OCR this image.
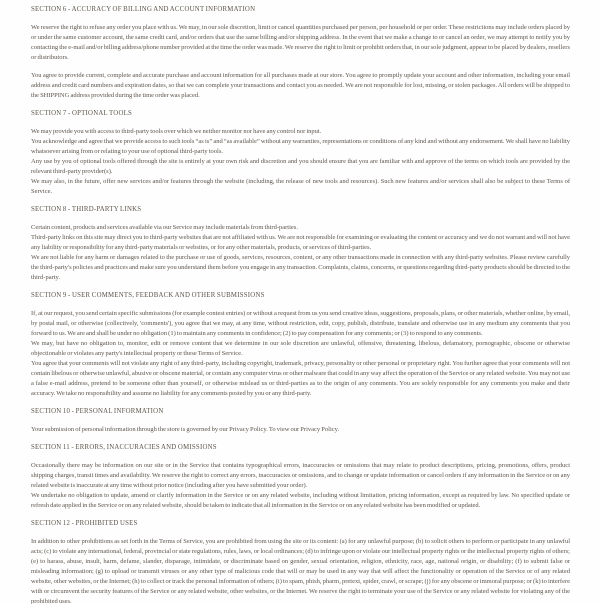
SECTION 6 - ACCURACY OF BILLING AND ACCOUNT INFORMATION

We reserve the right to refuse any order you place with us. We may, in our sole discretion, limit or cancel quantities purchased per person, per household or per order. These restrictions may include orders placed by or under the same customer account, the same credit card, and/or orders that use the same billing and/or shipping address. In the event that we make a change to or cancel an order, we may attempt to notify you by contacting the e-mail and/or billing address/phone number provided at the time the order was made. We reserve the right to limit or prohibit orders that, in our sole judgment, appear to be placed by dealers, resellers or distributors.

You agree to provide current, complete and accurate purchase and account information for all purchases made at our store. You agree to promptly update your account and other information, including your email address and credit card numbers and expiration dates, so that we can complete your transactions and contact you as needed. We are not responsible for lost, missing, or stolen packages. All orders will be shipped to the SHIPPING address provided during the time order was placed.

SECTION 7 - OPTIONAL TOOLS

We may provide you with access to third-party tools over which we neither monitor nor have any control nor input.

You acknowledge and agree that we provide access to such tools “as is” and “as available” without any warranties, representations or conditions of any kind and without any endorsement. We shall have no liability whatsoever arising from or relating to your use of optional third-party tools.

Any use by you of optional tools offered through the site is entirely at your own risk and discretion and you should ensure that you are familiar with and approve of the terms on which tools are provided by the relevant third-party provider(s).

We may also, in the future, offer new services and/or features through the website (including, the release of new tools and resources). Such new features and/or services shall also be subject to these Terms of Service.

SECTION 8 - THIRD-PARTY LINKS

Certain content, products and services available via our Service may include materials from third-parties.

Third-party links on this site may direct you to third-party websites that are not affiliated with us. We are not responsible for examining or evaluating the content or accuracy and we do not warrant and will not have any liability or responsibility for any third-party materials or websites, or for any other materials, products, or services of third-parties.

We are not liable for any harm or damages related to the purchase or use of goods, services, resources, content, or any other transactions made in connection with any third-party websites. Please review carefully the third-party's policies and practices and make sure you understand them before you engage in any transaction. Complaints, claims, concerns, or questions regarding third-party products should be directed to the third-party.

SECTION 9 - USER COMMENTS, FEEDBACK AND OTHER SUBMISSIONS

If, at our request, you send certain specific submissions (for example contest entries) or without a request from us you send creative ideas, suggestions, proposals, plans, or other materials, whether online, by email, by postal mail, or otherwise (collectively, 'comments'), you agree that we may, at any time, without restriction, edit, copy, publish, distribute, translate and otherwise use in any medium any comments that you forward to us. We are and shall be under no obligation (1) to maintain any comments in confidence; (2) to pay compensation for any comments; or (3) to respond to any comments.

We may, but have no obligation to, monitor, edit or remove content that we determine in our sole discretion are unlawful, offensive, threatening, libelous, defamatory, pornographic, obscene or otherwise objectionable or violates any party's intellectual property or these Terms of Service.

You agree that your comments will not violate any right of any third-party, including copyright, trademark, privacy, personality or other personal or proprietary right. You further agree that your comments will not contain libelous or otherwise unlawful, abusive or obscene material, or contain any computer virus or other malware that could in any way affect the operation of the Service or any related website. You may not use a false e-mail address, pretend to be someone other than yourself, or otherwise mislead us or third-parties as to the origin of any comments. You are solely responsible for any comments you make and their accuracy. We take no responsibility and assume no liability for any comments posted by you or any third-party.

SECTION 10 - PERSONAL INFORMATION

Your submission of personal information through the store is governed by our Privacy Policy. To view our Privacy Policy.

SECTION 11 - ERRORS, INACCURACIES AND OMISSIONS

Occasionally there may be information on our site or in the Service that contains typographical errors, inaccuracies or omissions that may relate to product descriptions, pricing, promotions, offers, product shipping charges, transit times and availability. We reserve the right to correct any errors, inaccuracies or omissions, and to change or update information or cancel orders if any information in the Service or on any related website is inaccurate at any time without prior notice (including after you have submitted your order).

We undertake no obligation to update, amend or clarify information in the Service or on any related website, including without limitation, pricing information, except as required by law. No specified update or refresh date applied in the Service or on any related website, should be taken to indicate that all information in the Service or on any related website has been modified or updated.

SECTION 12 - PROHIBITED USES

In addition to other prohibitions as set forth in the Terms of Service, you are prohibited from using the site or its content: (a) for any unlawful purpose; (b) to solicit others to perform or participate in any unlawful acts; (c) to violate any international, federal, provincial or state regulations, rules, laws, or local ordinances; (d) to infringe upon or violate our intellectual property rights or the intellectual property rights of others; (e) to harass, abuse, insult, harm, defame, slander, disparage, intimidate, or discriminate based on gender, sexual orientation, religion, ethnicity, race, age, national origin, or disability; (f) to submit false or misleading information; (g) to upload or transmit viruses or any other type of malicious code that will or may be used in any way that will affect the functionality or operation of the Service or of any related website, other websites, or the Internet; (h) to collect or track the personal information of others; (i) to spam, phish, pharm, pretext, spider, crawl, or scrape; (j) for any obscene or immoral purpose; or (k) to interfere with or circumvent the security features of the Service or any related website, other websites, or the Internet. We reserve the right to terminate your use of the Service or any related website for violating any of the prohibited uses.
